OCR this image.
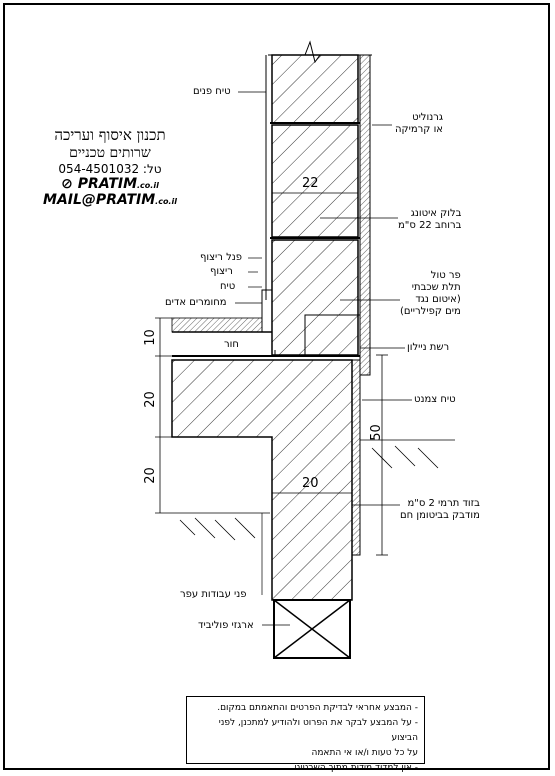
תכנון איסוף ועריכה
שרותים טכניים
טל: 054-4501032
⊘ PRATIM.co.il
MAIL@PRATIM.co.il
טיח פנים
גרנוליט
או קרמיקה
בלוק איטונג
ברוחב 22 ס"מ
פנל ריצוף
ריצוף
טיח
מחומרים אדים
חור
פר טול
תלת שכבתי
(איטום נגד
מים קפילריים)
רשת ניילון
טיח צמנט
בזוד תרמי 2 ס"מ
מודבק בביטומן חם
פני עבודות עפר
ארגזי פוליביד
22
20
10
20
20
50
- המבצע אחראי לבדיקת הפרטים והתאמתם במקום.
- על המבצע לבקר את הפרוט ולהודיע למתכנן, לפני הביצוע
על כל טעות ו/או אי התאמה
- אין למדוד מידות מתוך השרטוט.
